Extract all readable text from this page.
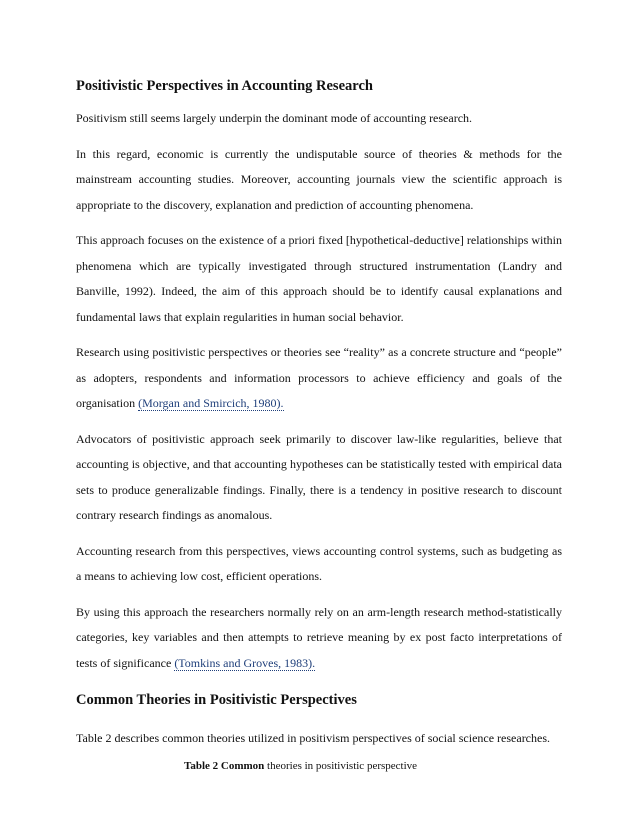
Positivistic Perspectives in Accounting Research

Positivism still seems largely underpin the dominant mode of accounting research.

In this regard, economic is currently the undisputable source of theories & methods for the mainstream accounting studies. Moreover, accounting journals view the scientific approach is appropriate to the discovery, explanation and prediction of accounting phenomena.

This approach focuses on the existence of a priori fixed [hypothetical-deductive] relationships within phenomena which are typically investigated through structured instrumentation (Landry and Banville, 1992). Indeed, the aim of this approach should be to identify causal explanations and fundamental laws that explain regularities in human social behavior.

Research using positivistic perspectives or theories see “reality” as a concrete structure and “people” as adopters, respondents and information processors to achieve efficiency and goals of the organisation (Morgan and Smircich, 1980).

Advocators of positivistic approach seek primarily to discover law-like regularities, believe that accounting is objective, and that accounting hypotheses can be statistically tested with empirical data sets to produce generalizable findings. Finally, there is a tendency in positive research to discount contrary research findings as anomalous.

Accounting research from this perspectives, views accounting control systems, such as budgeting as a means to achieving low cost, efficient operations.

By using this approach the researchers normally rely on an arm-length research method-statistically categories, key variables and then attempts to retrieve meaning by ex post facto interpretations of tests of significance (Tomkins and Groves, 1983).

Common Theories in Positivistic Perspectives

Table 2 describes common theories utilized in positivism perspectives of social science researches.

Table 2 Common theories in positivistic perspective
